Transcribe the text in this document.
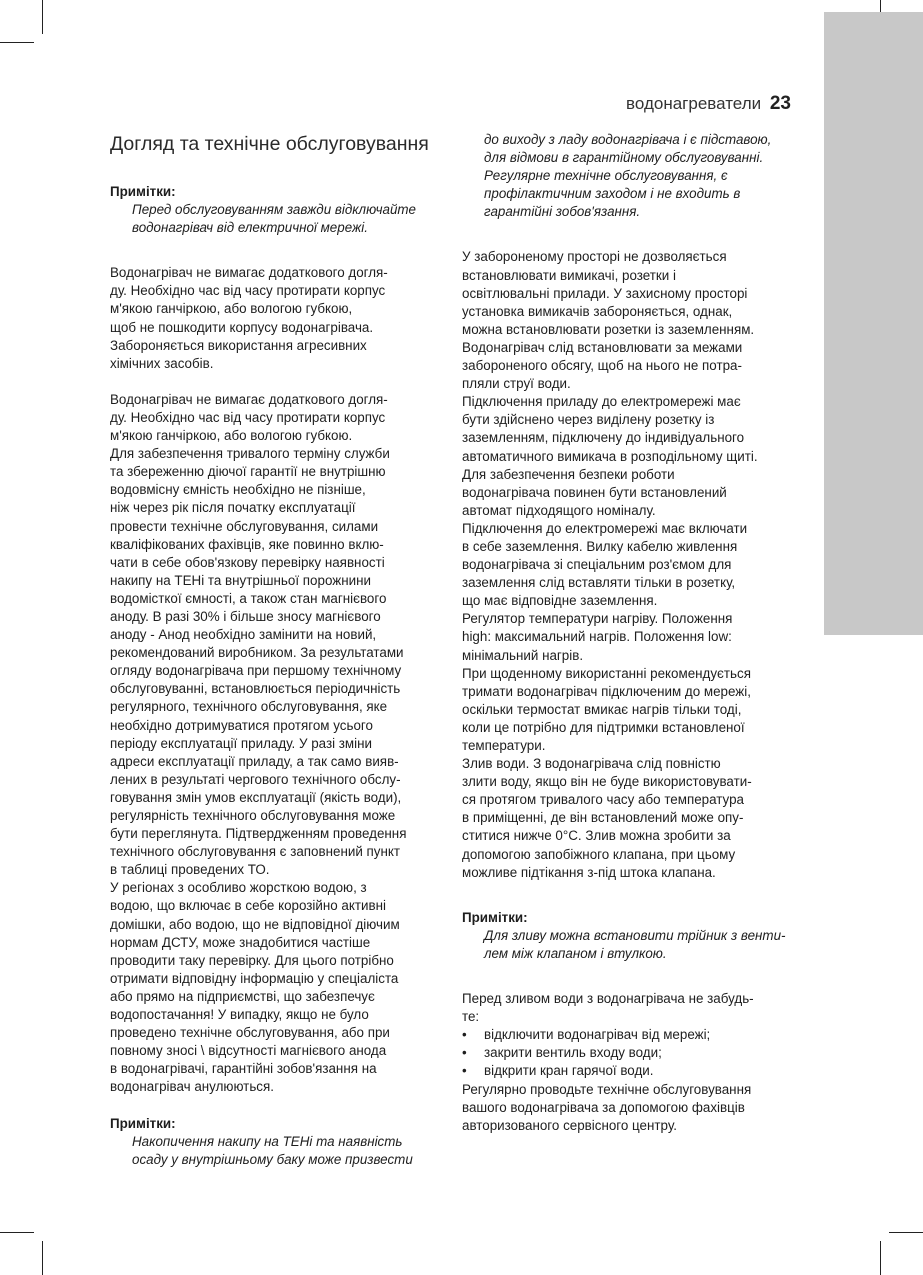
водонагреватели 23
Догляд та технічне обслуговування

Примітки:

Перед обслуговуванням завжди відключайте
водонагрівач від електричної мережі.
Водонагрівач не вимагає додаткового догля-
ду. Необхідно час від часу протирати корпус
м'якою ганчіркою, або вологою губкою,
щоб не пошкодити корпусу водонагрівача.
Забороняється використання агресивних
хімічних засобів.
Водонагрівач не вимагає додаткового догля-
ду. Необхідно час від часу протирати корпус
м'якою ганчіркою, або вологою губкою.
Для забезпечення тривалого терміну служби
та збереженню діючої гарантії не внутрішню
водовмісну ємність необхідно не пізніше,
ніж через рік після початку експлуатації
провести технічне обслуговування, силами
кваліфікованих фахівців, яке повинно вклю-
чати в себе обов'язкову перевірку наявності
накипу на ТЕНі та внутрішньої порожнини
водомісткої ємності, а також стан магнієвого
аноду. В разі 30% і більше зносу магнієвого
аноду - Анод необхідно замінити на новий,
рекомендований виробником. За результатами
огляду водонагрівача при першому технічному
обслуговуванні, встановлюється періодичність
регулярного, технічного обслуговування, яке
необхідно дотримуватися протягом усього
періоду експлуатації приладу. У разі зміни
адреси експлуатації приладу, а так само вияв-
лених в результаті чергового технічного обслу-
говування змін умов експлуатації (якість води),
регулярність технічного обслуговування може
бути переглянута. Підтвердженням проведення
технічного обслуговування є заповнений пункт
в таблиці проведених ТО.
У регіонах з особливо жорсткою водою, з
водою, що включає в себе корозійно активні
домішки, або водою, що не відповідної діючим
нормам ДСТУ, може знадобитися частіше
проводити таку перевірку. Для цього потрібно
отримати відповідну інформацію у спеціаліста
або прямо на підприємстві, що забезпечує
водопостачання! У випадку, якщо не було
проведено технічне обслуговування, або при
повному зносі \ відсутності магнієвого анода
в водонагрівачі, гарантійні зобов'язання на
водонагрівач анулюються.

Примітки:

Накопичення накипу на ТЕНі та наявність
осаду у внутрішньому баку може призвести
до виходу з ладу водонагрівача і є підставою,
для відмови в гарантійному обслуговуванні.
Регулярне технічне обслуговування, є
профілактичним заходом і не входить в
гарантійні зобов'язання.
У забороненому просторі не дозволяється
встановлювати вимикачі, розетки і
освітлювальні прилади. У захисному просторі
установка вимикачів забороняється, однак,
можна встановлювати розетки із заземленням.
Водонагрівач слід встановлювати за межами
забороненого обсягу, щоб на нього не потра-
пляли струї води.
Підключення приладу до електромережі має
бути здійснено через виділену розетку із
заземленням, підключену до індивідуального
автоматичного вимикача в розподільному щиті.
Для забезпечення безпеки роботи
водонагрівача повинен бути встановлений
автомат підходящого номіналу.
Підключення до електромережі має включати
в себе заземлення. Вилку кабелю живлення
водонагрівача зі спеціальним роз'ємом для
заземлення слід вставляти тільки в розетку,
що має відповідне заземлення.
Регулятор температури нагріву. Положення
high: максимальний нагрів. Положення low:
мінімальний нагрів.
При щоденному використанні рекомендується
тримати водонагрівач підключеним до мережі,
оскільки термостат вмикає нагрів тільки тоді,
коли це потрібно для підтримки встановленої
температури.
Злив води. З водонагрівача слід повністю
злити воду, якщо він не буде використовувати-
ся протягом тривалого часу або температура
в приміщенні, де він встановлений може опу-
ститися нижче 0°С. Злив можна зробити за
допомогою запобіжного клапана, при цьому
можливе підтікання з-під штока клапана.

Примітки:

Для зливу можна встановити трійник з венти-
лем між клапаном і втулкою.
Перед зливом води з водонагрівача не забудь-
те:
• відключити водонагрівач від мережі;
• закрити вентиль входу води;
• відкрити кран гарячої води.
Регулярно проводьте технічне обслуговування
вашого водонагрівача за допомогою фахівців
авторизованого сервісного центру.
